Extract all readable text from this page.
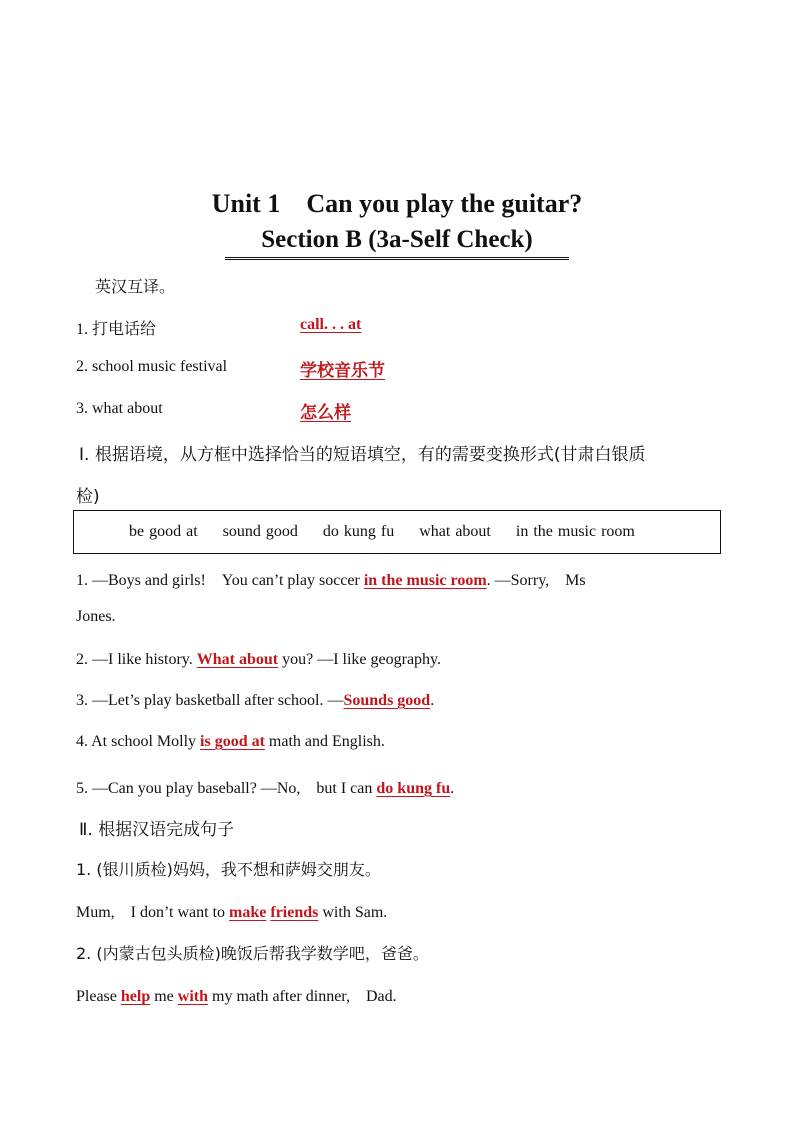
Unit 1　Can you play the guitar?
Section B (3a-Self Check)
英汉互译。
1. 打电话给	call. . . at
2. school music festival	学校音乐节
3. what about	怎么样
Ⅰ. 根据语境，从方框中选择恰当的短语填空，有的需要变换形式(甘肃白银质
检)
be good at sound good do kung fu what about in the music room
1. —Boys and girls!　You can’t play soccer in the music room. —Sorry,　Ms
Jones.
2. —I like history. What about you? —I like geography.
3. —Let’s play basketball after school. —Sounds good.
4. At school Molly is good at math and English.
5. —Can you play baseball? —No,　but I can do kung fu.
Ⅱ. 根据汉语完成句子
1. (银川质检)妈妈，我不想和萨姆交朋友。
Mum,　I don’t want to make friends with Sam.
2. (内蒙古包头质检)晚饭后帮我学数学吧，爸爸。
Please help me with my math after dinner,　Dad.
